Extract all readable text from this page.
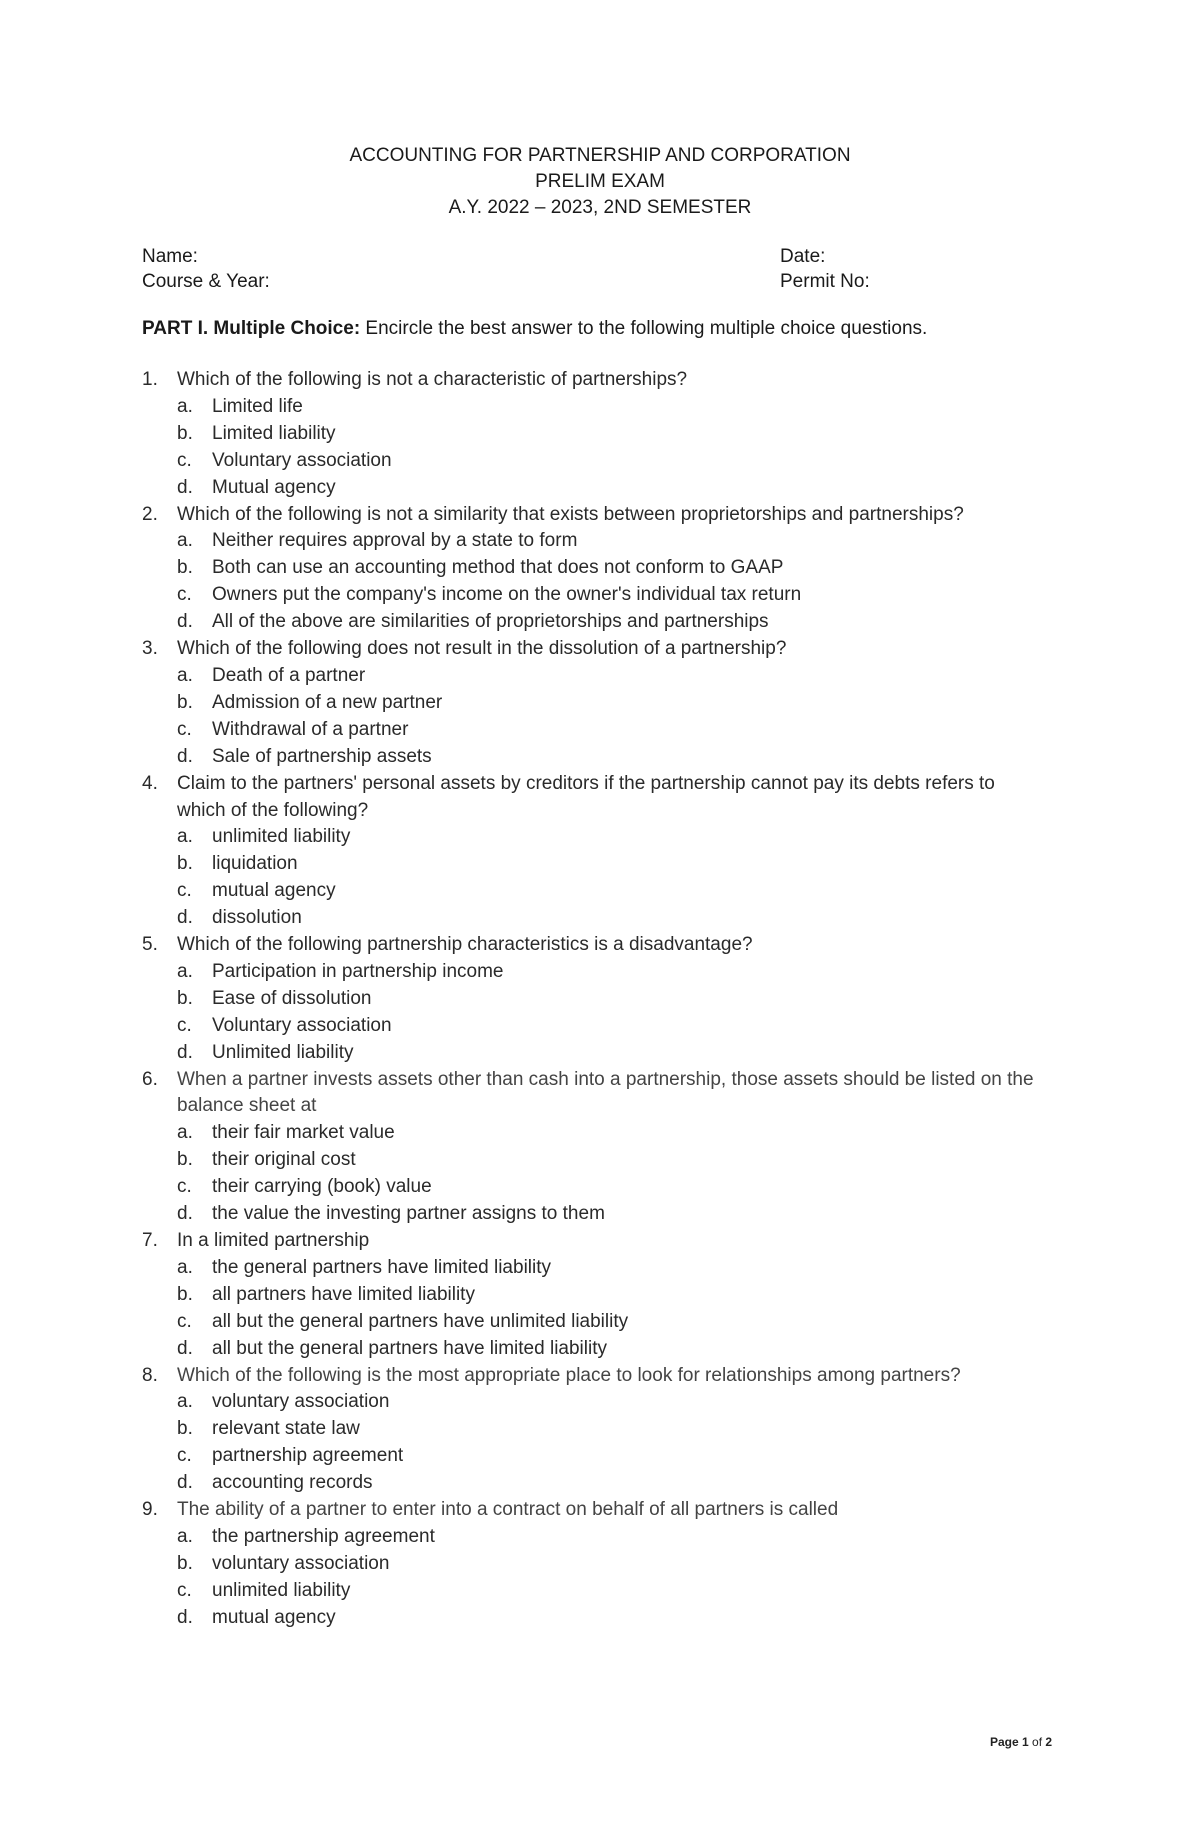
ACCOUNTING FOR PARTNERSHIP AND CORPORATION
PRELIM EXAM
A.Y. 2022 – 2023, 2ND SEMESTER
Name:	Date:
Course & Year:	Permit No:
PART I. Multiple Choice: Encircle the best answer to the following multiple choice questions.
1. Which of the following is not a characteristic of partnerships?
a. Limited life
b. Limited liability
c. Voluntary association
d. Mutual agency
2. Which of the following is not a similarity that exists between proprietorships and partnerships?
a. Neither requires approval by a state to form
b. Both can use an accounting method that does not conform to GAAP
c. Owners put the company's income on the owner's individual tax return
d. All of the above are similarities of proprietorships and partnerships
3. Which of the following does not result in the dissolution of a partnership?
a. Death of a partner
b. Admission of a new partner
c. Withdrawal of a partner
d. Sale of partnership assets
4. Claim to the partners' personal assets by creditors if the partnership cannot pay its debts refers to which of the following?
a. unlimited liability
b. liquidation
c. mutual agency
d. dissolution
5. Which of the following partnership characteristics is a disadvantage?
a. Participation in partnership income
b. Ease of dissolution
c. Voluntary association
d. Unlimited liability
6. When a partner invests assets other than cash into a partnership, those assets should be listed on the balance sheet at
a. their fair market value
b. their original cost
c. their carrying (book) value
d. the value the investing partner assigns to them
7. In a limited partnership
a. the general partners have limited liability
b. all partners have limited liability
c. all but the general partners have unlimited liability
d. all but the general partners have limited liability
8. Which of the following is the most appropriate place to look for relationships among partners?
a. voluntary association
b. relevant state law
c. partnership agreement
d. accounting records
9. The ability of a partner to enter into a contract on behalf of all partners is called
a. the partnership agreement
b. voluntary association
c. unlimited liability
d. mutual agency
Page 1 of 2
